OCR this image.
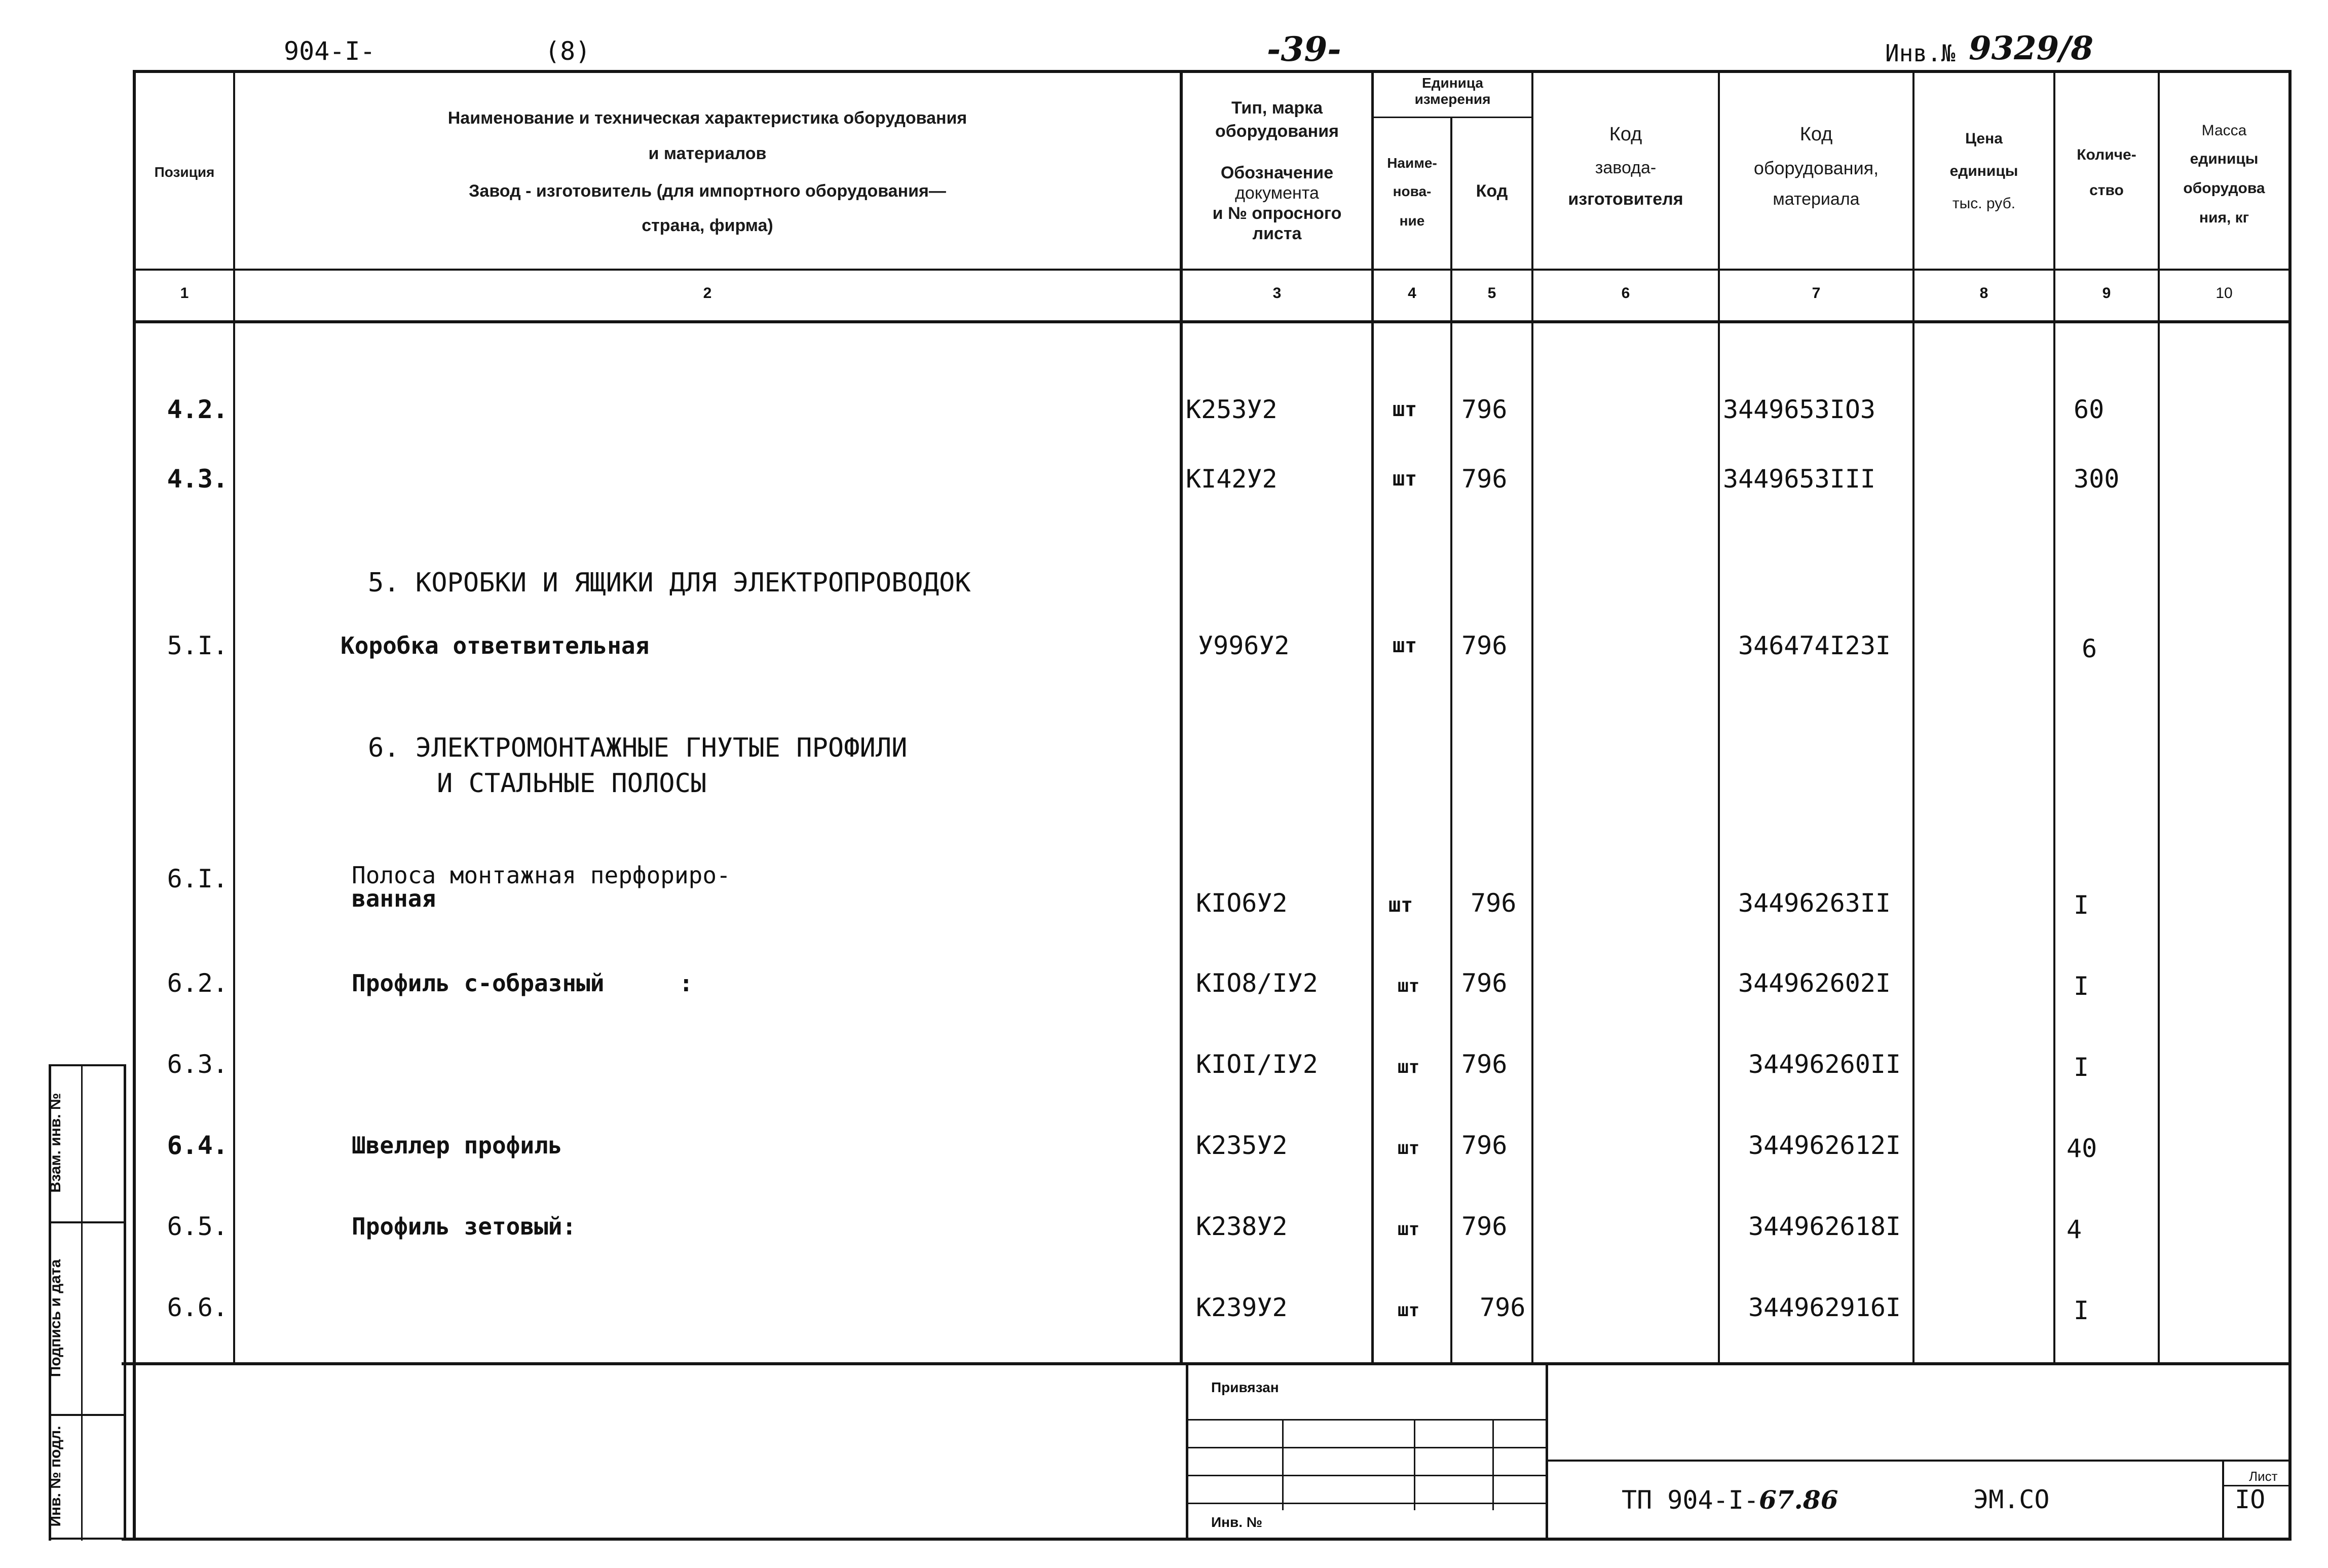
904-I-	(8)	-39-	Инв.№ 9329/8
Позиция
Наименование и техническая характеристика оборудования
и материалов
Завод - изготовитель (для импортного оборудования—
страна, фирма)
Тип, марка
оборудования
Обозначение
документа
и № опросного
листа
Единица
измерения
Наиме-
нова-
ние
Код
Код
завода-
изготовителя
Код
оборудования,
материала
Цена
единицы
тыс. руб.
Количе-
ство
Масса
единицы
оборудова
ния, кг
1	2	3	4	5	6	7	8	9	10
4.2.	K253У2	шт 796	3449653IO3	60
4.3.	KI42У2	шт 796	3449653III	300
5. КОРОБКИ И ЯЩИКИ ДЛЯ ЭЛЕКТРОПРОВОДОК
5.I.	Коробка ответвительная	У996У2	шт 796	346474I23I	6
6. ЭЛЕКТРОМОНТАЖНЫЕ ГНУТЫЕ ПРОФИЛИ
И СТАЛЬНЫЕ ПОЛОСЫ
6.I.	Полоса монтажная перфориро-
ванная	KIO6У2	шт 796	34496263II	I
6.2.	Профиль с-образный	:	KIO8/IУ2	шт 796	344962602I	I
6.3.	KIOI/IУ2	шт 796	34496260II	I
6.4.	Швеллер профиль	K235У2	шт 796	344962612I	40
6.5.	Профиль зетовый:	K238У2	шт 796	344962618I	4
6.6.	K239У2	шт 796	344962916I	I
Привязан
Инв. №
ТП 904-I-67.86	ЭМ.СО
Лист
IO
Взам. инв. №
Подпись и дата
Инв. № подл.
